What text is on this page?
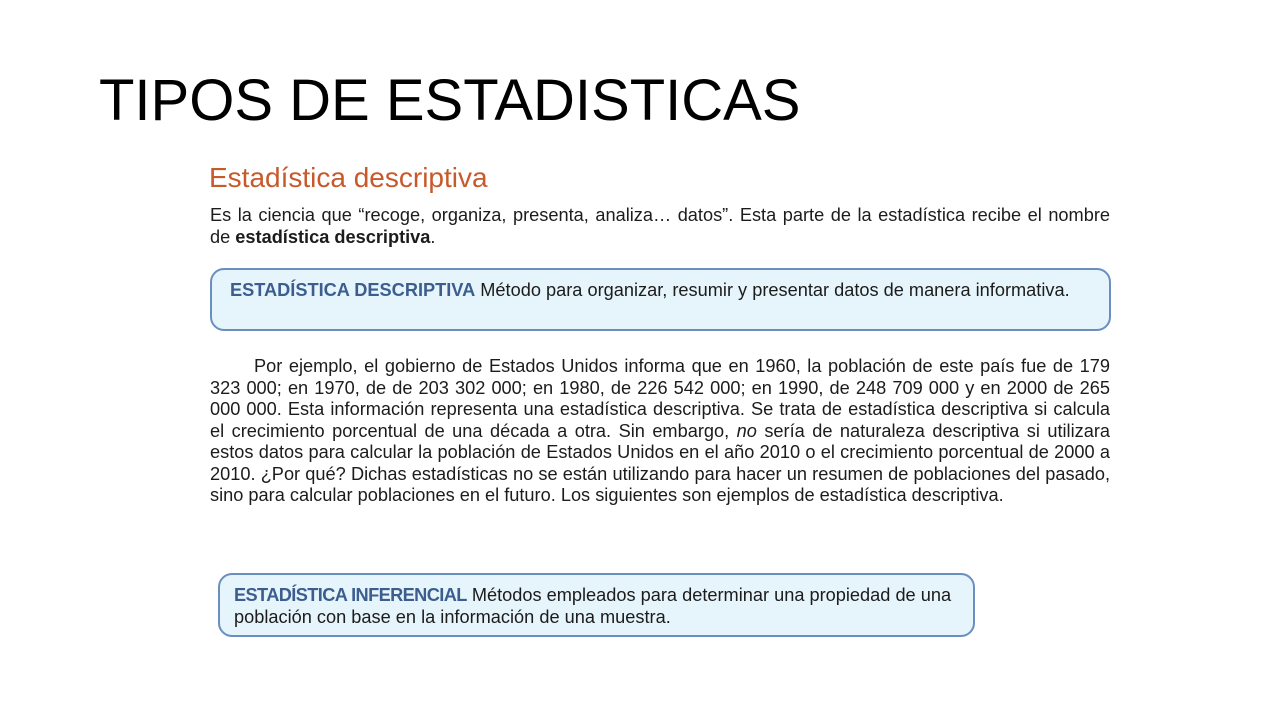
TIPOS DE ESTADISTICAS
Estadística descriptiva
Es la ciencia que “recoge, organiza, presenta, analiza… datos”. Esta parte de la estadística recibe el nombre de estadística descriptiva.
ESTADÍSTICA DESCRIPTIVA Método para organizar, resumir y presentar datos de manera informativa.
Por ejemplo, el gobierno de Estados Unidos informa que en 1960, la población de este país fue de 179 323 000; en 1970, de de 203 302 000; en 1980, de 226 542 000; en 1990, de 248 709 000 y en 2000 de 265 000 000. Esta información representa una estadística descriptiva. Se trata de estadística descriptiva si calcula el crecimiento porcentual de una década a otra. Sin embargo, no sería de naturaleza descriptiva si utilizara estos datos para calcular la población de Estados Unidos en el año 2010 o el crecimiento porcentual de 2000 a 2010. ¿Por qué? Dichas estadísticas no se están utilizando para hacer un resumen de poblaciones del pasado, sino para calcular poblaciones en el futuro. Los siguientes son ejemplos de estadística descriptiva.
ESTADÍSTICA INFERENCIAL Métodos empleados para determinar una propiedad de una población con base en la información de una muestra.
